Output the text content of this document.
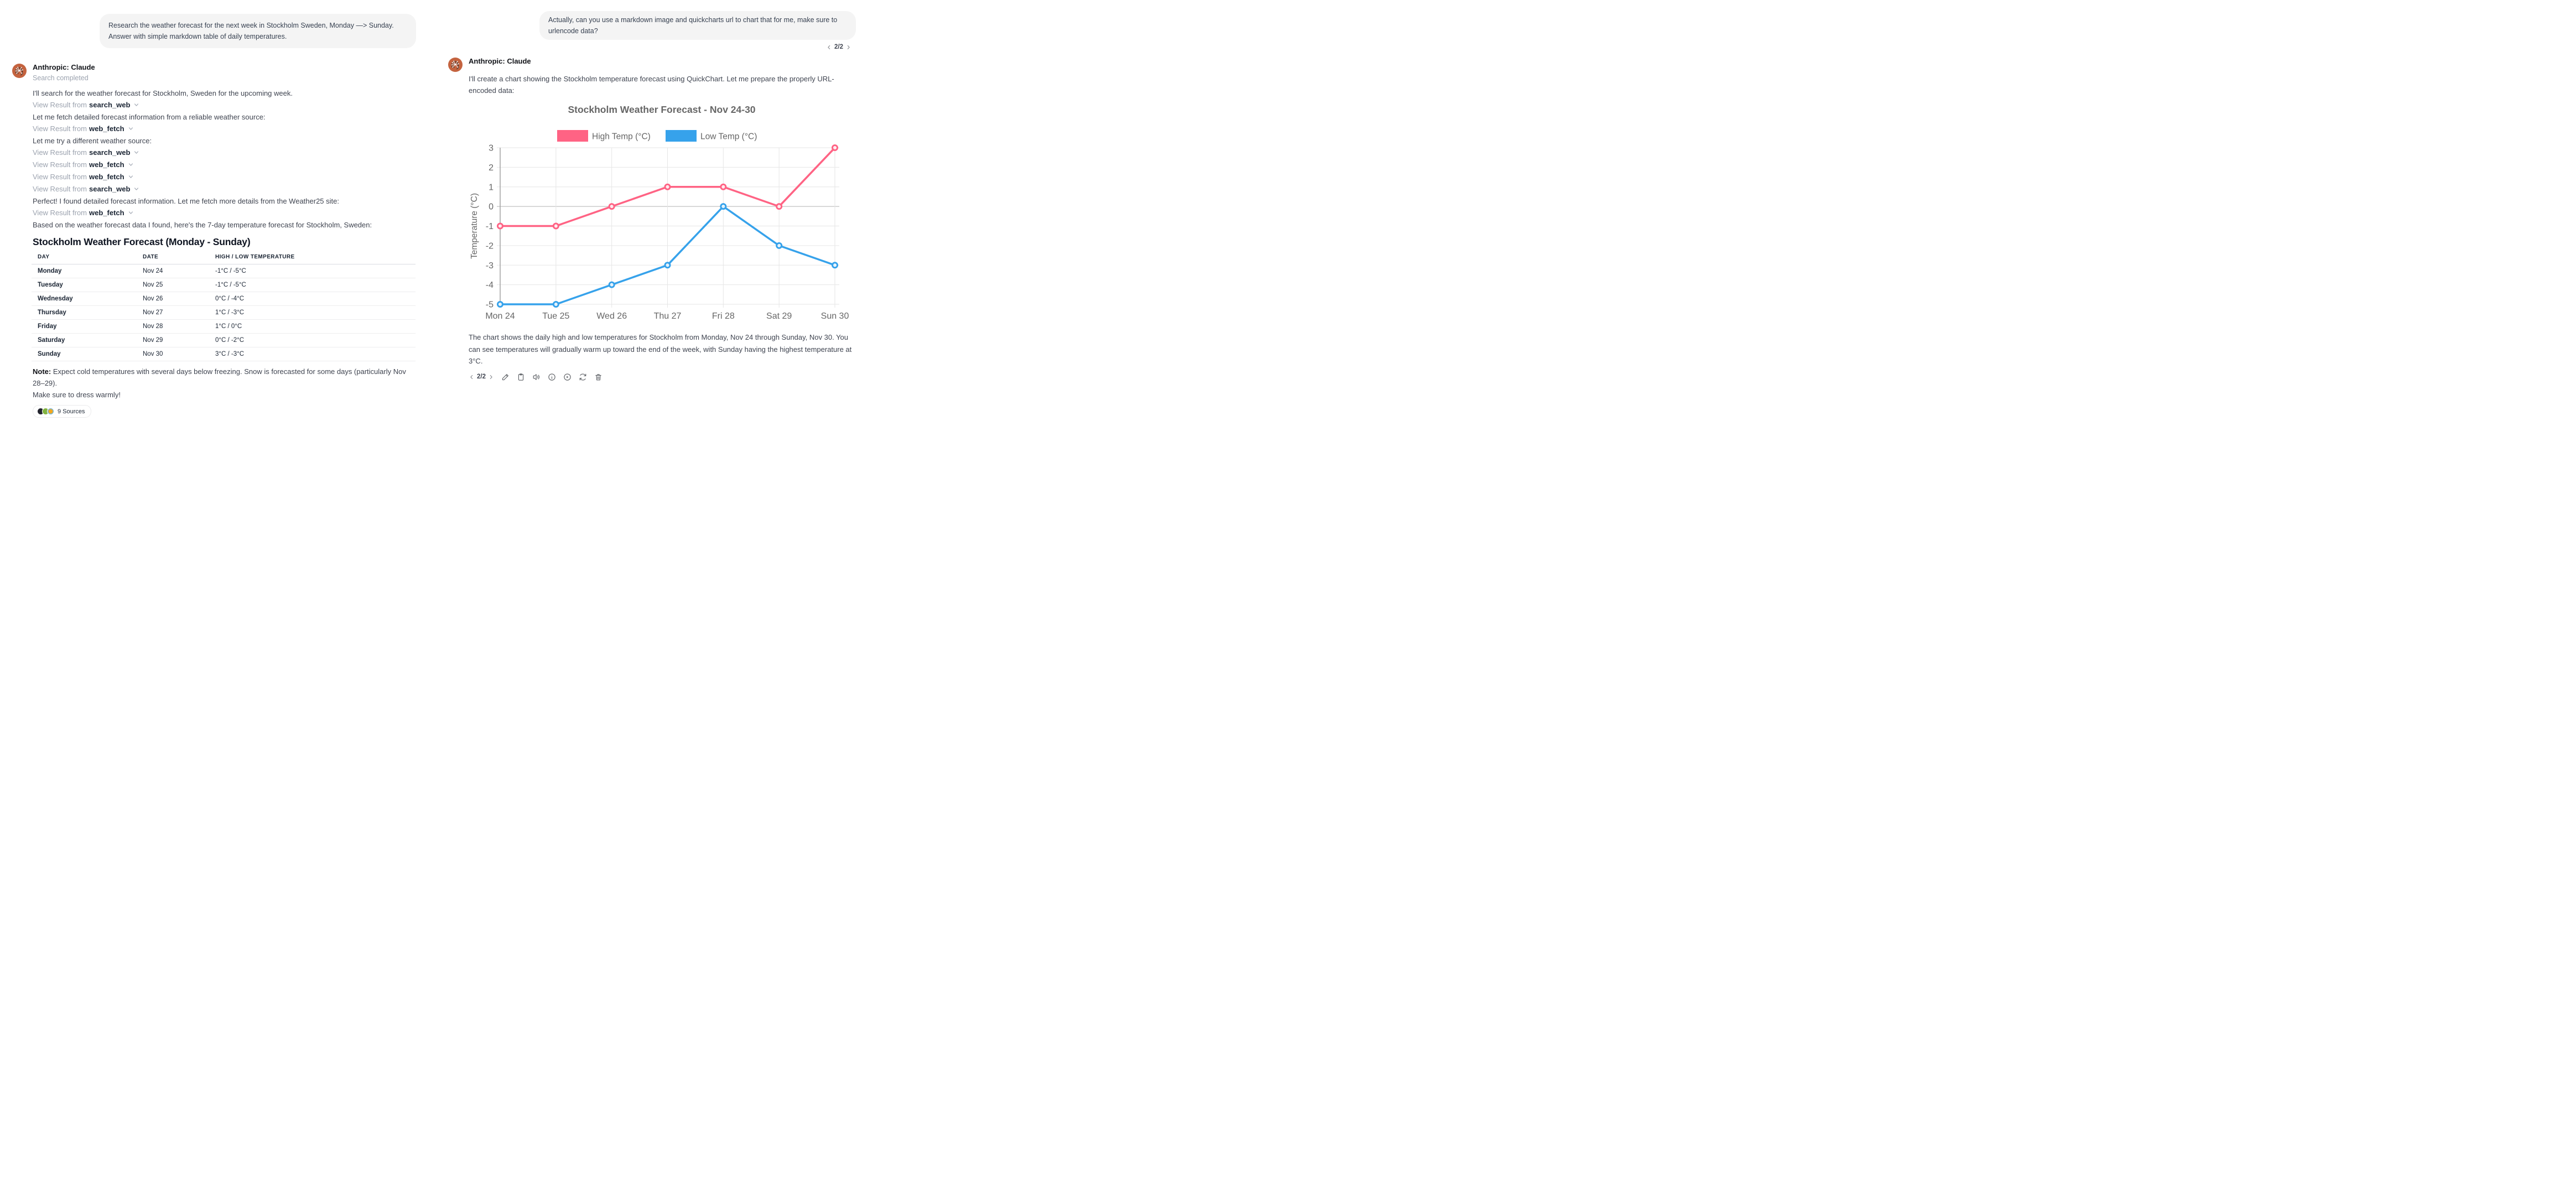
Research the weather forecast for the next week in Stockholm Sweden, Monday —> Sunday. Answer with simple markdown table of daily temperatures.
Anthropic: Claude
Search completed
I'll search for the weather forecast for Stockholm, Sweden for the upcoming week.
View Result from search_web
Let me fetch detailed forecast information from a reliable weather source:
View Result from web_fetch
Let me try a different weather source:
View Result from search_web
View Result from web_fetch
View Result from web_fetch
View Result from search_web
Perfect! I found detailed forecast information. Let me fetch more details from the Weather25 site:
View Result from web_fetch
Based on the weather forecast data I found, here's the 7-day temperature forecast for Stockholm, Sweden:
Stockholm Weather Forecast (Monday - Sunday)
DAY	DATE	HIGH / LOW TEMPERATURE
Monday	Nov 24	-1°C / -5°C
Tuesday	Nov 25	-1°C / -5°C
Wednesday	Nov 26	0°C / -4°C
Thursday	Nov 27	1°C / -3°C
Friday	Nov 28	1°C / 0°C
Saturday	Nov 29	0°C / -2°C
Sunday	Nov 30	3°C / -3°C
Note: Expect cold temperatures with several days below freezing. Snow is forecasted for some days (particularly Nov 28–29).
Make sure to dress warmly!
9 Sources
Actually, can you use a markdown image and quickcharts url to chart that for me, make sure to urlencode data?
2/2
Anthropic: Claude
I'll create a chart showing the Stockholm temperature forecast using QuickChart. Let me prepare the properly URL-encoded data:
Mon 24	Tue 25	Wed 26	Thu 27	Fri 28	Sat 29	Sun 30
-5
-4
-3
-2
-1
0
1
2
3
Stockholm Weather Forecast - Nov 24-30
High Temp (°C)	Low Temp (°C)
Temperature (°C)
The chart shows the daily high and low temperatures for Stockholm from Monday, Nov 24 through Sunday, Nov 30. You can see temperatures will gradually warm up toward the end of the week, with Sunday having the highest temperature at 3°C.
2/2
